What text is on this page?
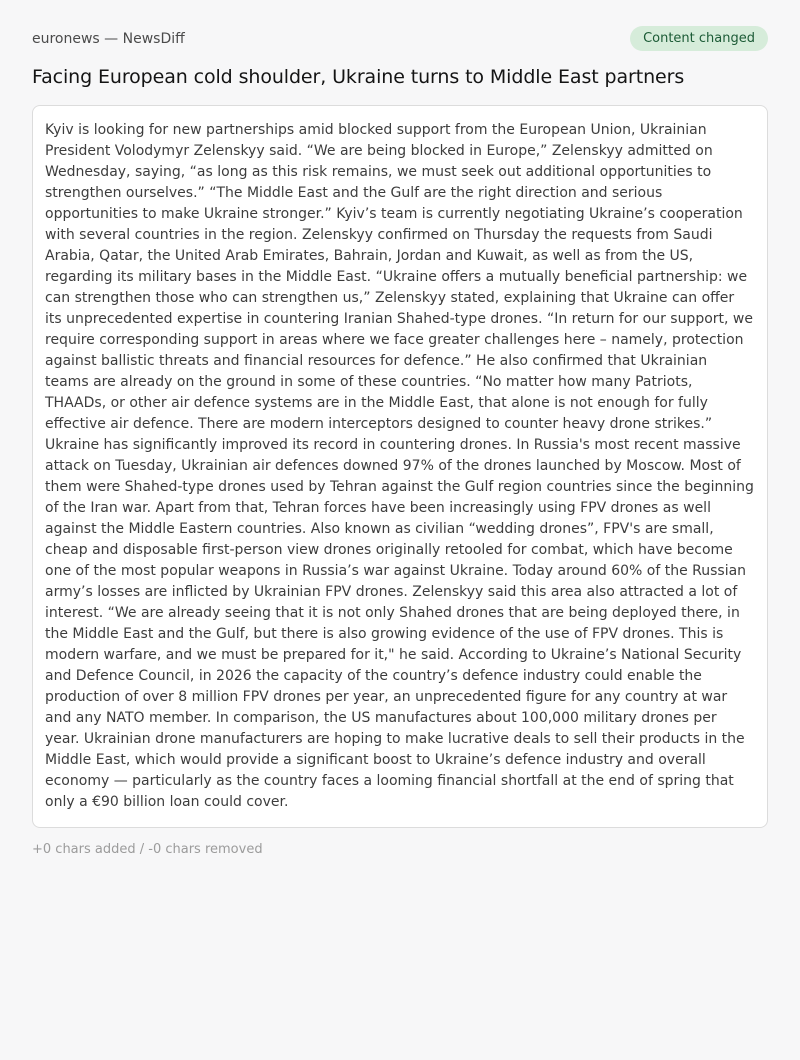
euronews — NewsDiff	Content changed
Facing European cold shoulder, Ukraine turns to Middle East partners

Kyiv is looking for new partnerships amid blocked support from the European Union, Ukrainian President Volodymyr Zelenskyy said. “We are being blocked in Europe,” Zelenskyy admitted on Wednesday, saying, “as long as this risk remains, we must seek out additional opportunities to strengthen ourselves.” “The Middle East and the Gulf are the right direction and serious opportunities to make Ukraine stronger.” Kyiv’s team is currently negotiating Ukraine’s cooperation with several countries in the region. Zelenskyy confirmed on Thursday the requests from Saudi Arabia, Qatar, the United Arab Emirates, Bahrain, Jordan and Kuwait, as well as from the US, regarding its military bases in the Middle East. “Ukraine offers a mutually beneficial partnership: we can strengthen those who can strengthen us,” Zelenskyy stated, explaining that Ukraine can offer its unprecedented expertise in countering Iranian Shahed-type drones. “In return for our support, we require corresponding support in areas where we face greater challenges here – namely, protection against ballistic threats and financial resources for defence.” He also confirmed that Ukrainian teams are already on the ground in some of these countries. “No matter how many Patriots, THAADs, or other air defence systems are in the Middle East, that alone is not enough for fully effective air defence. There are modern interceptors designed to counter heavy drone strikes.” Ukraine has significantly improved its record in countering drones. In Russia's most recent massive attack on Tuesday, Ukrainian air defences downed 97% of the drones launched by Moscow. Most of them were Shahed-type drones used by Tehran against the Gulf region countries since the beginning of the Iran war. Apart from that, Tehran forces have been increasingly using FPV drones as well against the Middle Eastern countries. Also known as civilian “wedding drones”, FPV's are small, cheap and disposable first-person view drones originally retooled for combat, which have become one of the most popular weapons in Russia’s war against Ukraine. Today around 60% of the Russian army’s losses are inflicted by Ukrainian FPV drones. Zelenskyy said this area also attracted a lot of interest. “We are already seeing that it is not only Shahed drones that are being deployed there, in the Middle East and the Gulf, but there is also growing evidence of the use of FPV drones. This is modern warfare, and we must be prepared for it," he said. According to Ukraine’s National Security and Defence Council, in 2026 the capacity of the country’s defence industry could enable the production of over 8 million FPV drones per year, an unprecedented figure for any country at war and any NATO member. In comparison, the US manufactures about 100,000 military drones per year. Ukrainian drone manufacturers are hoping to make lucrative deals to sell their products in the Middle East, which would provide a significant boost to Ukraine’s defence industry and overall economy — particularly as the country faces a looming financial shortfall at the end of spring that only a €90 billion loan could cover.

+0 chars added / -0 chars removed
